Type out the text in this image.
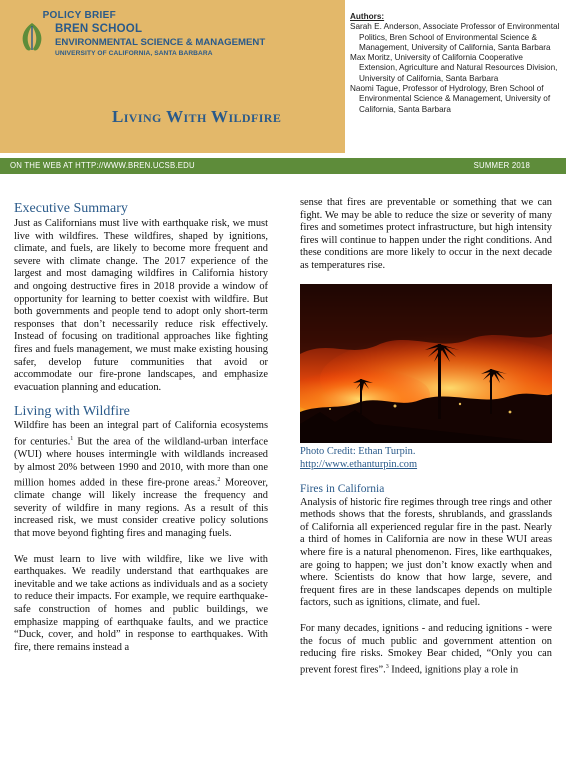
BREN SCHOOL
ENVIRONMENTAL SCIENCE & MANAGEMENT
UNIVERSITY OF CALIFORNIA, SANTA BARBARA
POLICY BRIEF
Living With Wildfire
Authors:
Sarah E. Anderson, Associate Professor of Environmental Politics, Bren School of Environmental Science & Management, University of California, Santa Barbara
Max Moritz, University of California Cooperative Extension, Agriculture and Natural Resources Division, University of California, Santa Barbara
Naomi Tague, Professor of Hydrology, Bren School of Environmental Science & Management, University of California, Santa Barbara
ON THE WEB AT HTTP://WWW.BREN.UCSB.EDU	SUMMER 2018
Executive Summary

Just as Californians must live with earthquake risk, we must live with wildfires. These wildfires, shaped by ignitions, climate, and fuels, are likely to become more frequent and severe with climate change. The 2017 experience of the largest and most damaging wildfires in California history and ongoing destructive fires in 2018 provide a window of opportunity for learning to better coexist with wildfire. But both governments and people tend to adopt only short-term responses that don’t necessarily reduce risk effectively. Instead of focusing on traditional approaches like fighting fires and fuels management, we must make existing housing safer, develop future communities that avoid or accommodate our fire-prone landscapes, and emphasize evacuation planning and education.

Living with Wildfire

Wildfire has been an integral part of California ecosystems for centuries.$^1$ But the area of the wildland-urban interface (WUI) where houses intermingle with wildlands increased by almost 20% between 1990 and 2010, with more than one million homes added in these fire-prone areas.$^2$ Moreover, climate change will likely increase the frequency and severity of wildfire in many regions. As a result of this increased risk, we must consider creative policy solutions that move beyond fighting fires and managing fuels.

We must learn to live with wildfire, like we live with earthquakes. We readily understand that earthquakes are inevitable and we take actions as individuals and as a society to reduce their impacts. For example, we require earthquake-safe construction of homes and public buildings, we emphasize mapping of earthquake faults, and we practice “Duck, cover, and hold” in response to earthquakes. With fire, there remains instead a

sense that fires are preventable or something that we can fight. We may be able to reduce the size or severity of many fires and sometimes protect infrastructure, but high intensity fires will continue to happen under the right conditions. And these conditions are more likely to occur in the next decade as temperatures rise.

Photo Credit: Ethan Turpin.
http://www.ethanturpin.com
Fires in California

Analysis of historic fire regimes through tree rings and other methods shows that the forests, shrublands, and grasslands of California all experienced regular fire in the past. Nearly a third of homes in California are now in these WUI areas where fire is a natural phenomenon. Fires, like earthquakes, are going to happen; we just don’t know exactly when and where. Scientists do know that how large, severe, and frequent fires are in these landscapes depends on multiple factors, such as ignitions, climate, and fuel.

For many decades, ignitions - and reducing ignitions - were the focus of much public and government attention on reducing fire risks. Smokey Bear chided, “Only you can prevent forest fires”.$^3$ Indeed, ignitions play a role in
